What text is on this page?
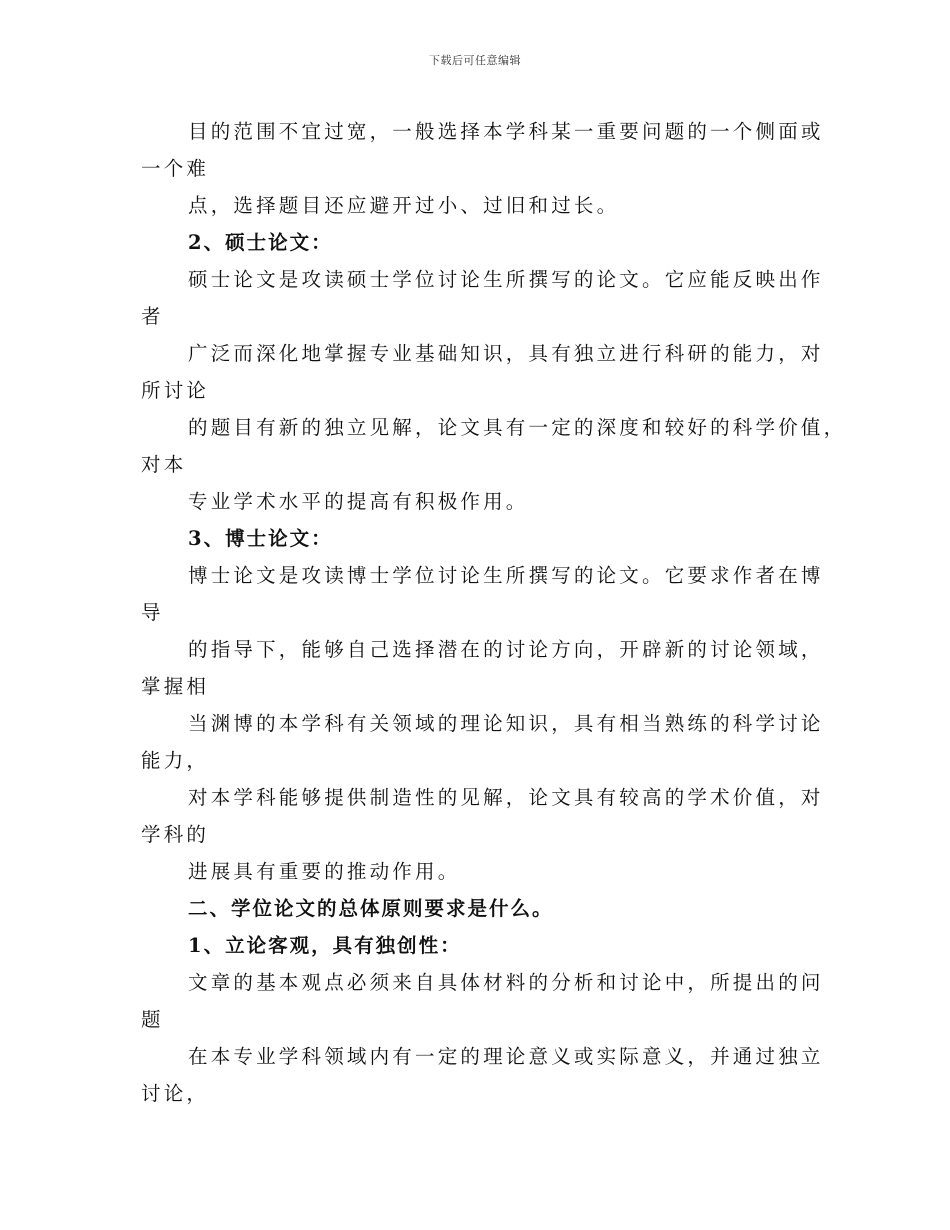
下载后可任意编辑
目的范围不宜过宽，一般选择本学科某一重要问题的一个侧面或
一个难
点，选择题目还应避开过小、过旧和过长。
2、硕士论文：
硕士论文是攻读硕士学位讨论生所撰写的论文。它应能反映出作
者
广泛而深化地掌握专业基础知识，具有独立进行科研的能力，对
所讨论
的题目有新的独立见解，论文具有一定的深度和较好的科学价值，
对本
专业学术水平的提高有积极作用。
3、博士论文：
博士论文是攻读博士学位讨论生所撰写的论文。它要求作者在博
导
的指导下，能够自己选择潜在的讨论方向，开辟新的讨论领域，
掌握相
当渊博的本学科有关领域的理论知识，具有相当熟练的科学讨论
能力，
对本学科能够提供制造性的见解，论文具有较高的学术价值，对
学科的
进展具有重要的推动作用。
二、学位论文的总体原则要求是什么。
1、立论客观，具有独创性：
文章的基本观点必须来自具体材料的分析和讨论中，所提出的问
题
在本专业学科领域内有一定的理论意义或实际意义，并通过独立
讨论，
